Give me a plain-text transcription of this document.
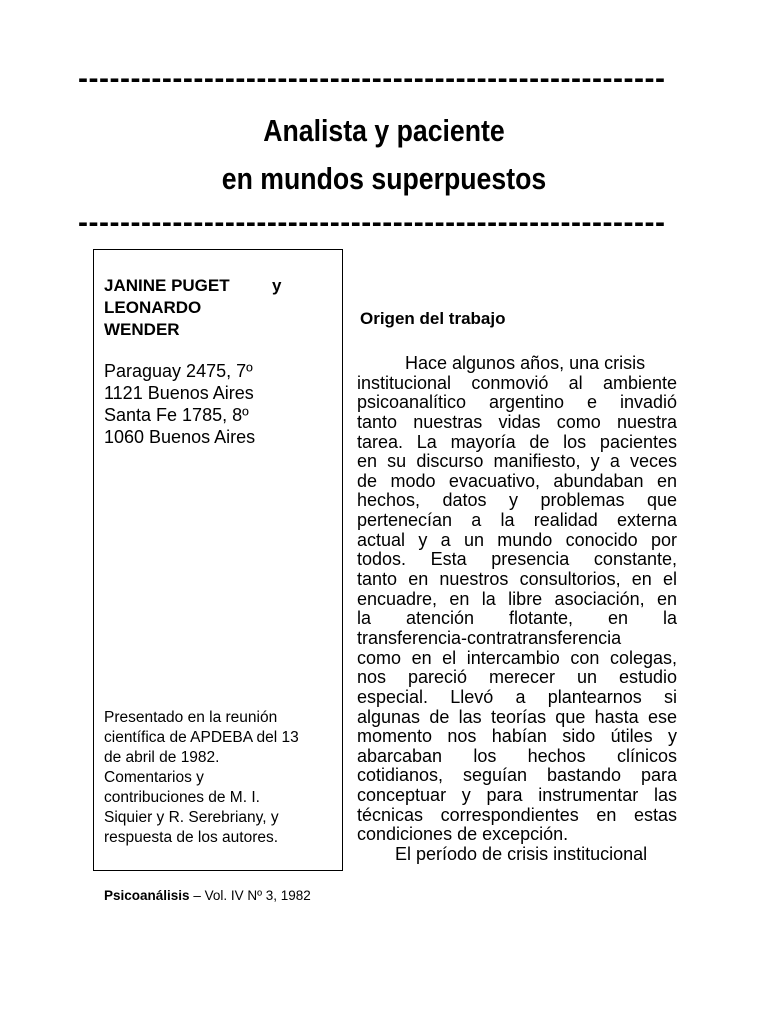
--------------------------------------------------------
Analista y paciente
en mundos superpuestos
--------------------------------------------------------
JANINE PUGET	y
LEONARDO
WENDER
Paraguay 2475, 7º
1121 Buenos Aires
Santa Fe 1785, 8º
1060 Buenos Aires
Presentado en la reunión
científica de APDEBA del 13
de abril de 1982.
Comentarios y
contribuciones de M. I.
Siquier y R. Serebriany, y
respuesta de los autores.
Psicoanálisis – Vol. IV Nº 3, 1982
Origen del trabajo
Hace algunos años, una crisis
institucional conmovió al ambiente
psicoanalítico argentino e invadió
tanto nuestras vidas como nuestra
tarea. La mayoría de los pacientes
en su discurso manifiesto, y a veces
de modo evacuativo, abundaban en
hechos, datos y problemas que
pertenecían a la realidad externa
actual y a un mundo conocido por
todos. Esta presencia constante,
tanto en nuestros consultorios, en el
encuadre, en la libre asociación, en
la atención flotante, en la
transferencia-contratransferencia
como en el intercambio con colegas,
nos pareció merecer un estudio
especial. Llevó a plantearnos si
algunas de las teorías que hasta ese
momento nos habían sido útiles y
abarcaban los hechos clínicos
cotidianos, seguían bastando para
conceptuar y para instrumentar las
técnicas correspondientes en estas
condiciones de excepción.
El período de crisis institucional
